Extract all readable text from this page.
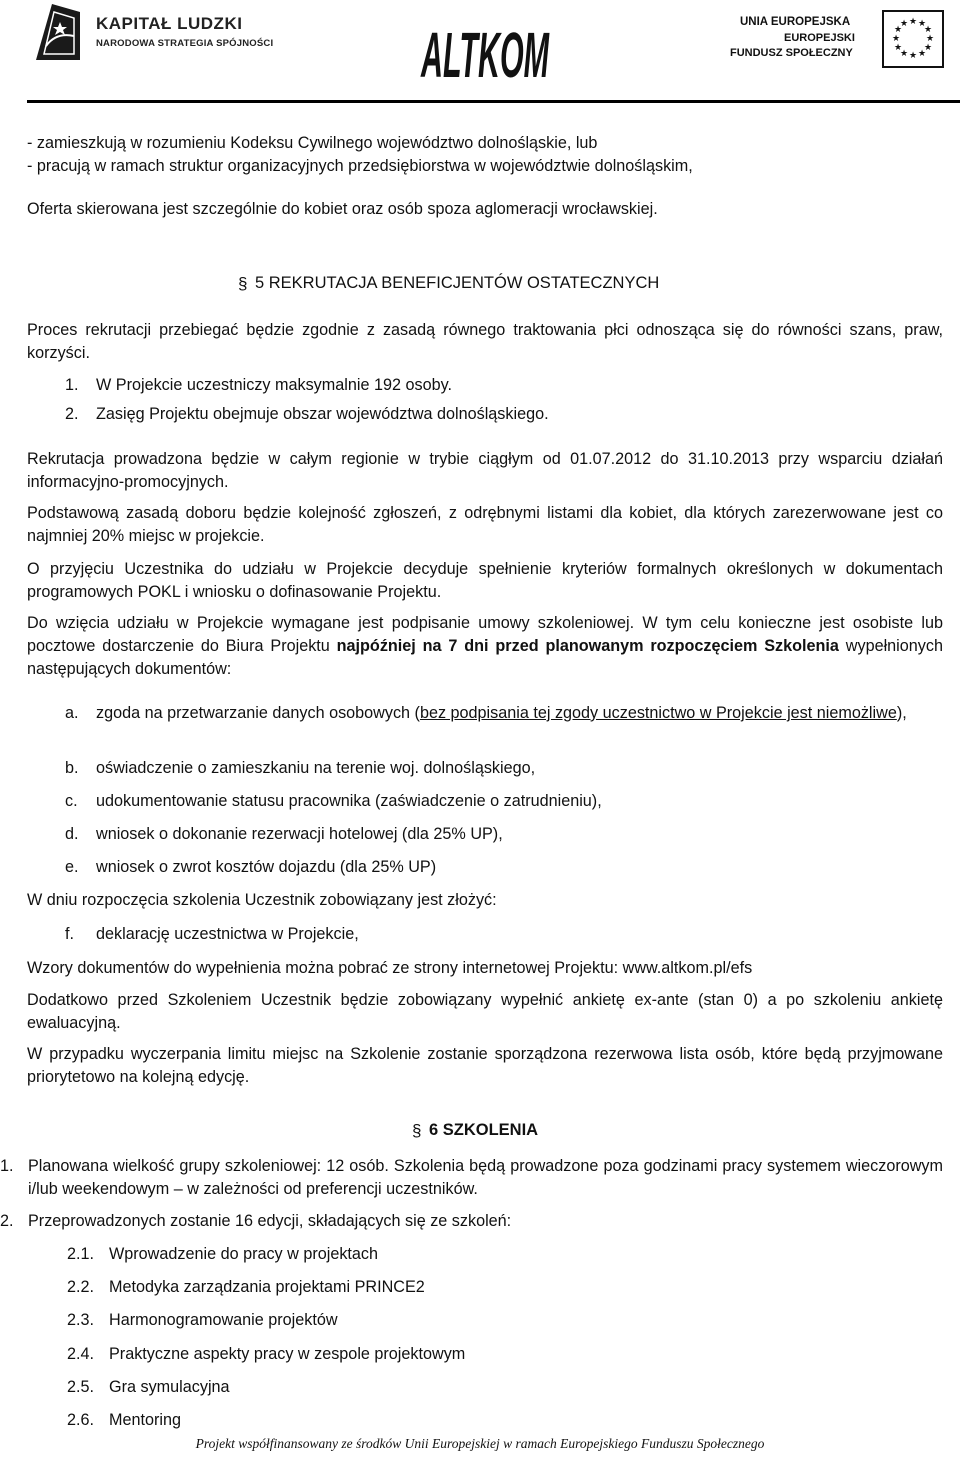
KAPITAŁ LUDZKI
NARODOWA STRATEGIA SPÓJNOŚCI ALTKOM	UNIA EUROPEJSKA
EUROPEJSKI
FUNDUSZ SPOŁECZNY
★ ★
★
★
★
★
★
★
★
★
★
★
- zamieszkują w rozumieniu Kodeksu Cywilnego województwo dolnośląskie, lub
- pracują w ramach struktur organizacyjnych przedsiębiorstwa w województwie dolnośląskim,
Oferta skierowana jest szczególnie do kobiet oraz osób spoza aglomeracji wrocławskiej.
§ 5 REKRUTACJA BENEFICJENTÓW OSTATECZNYCH
Proces rekrutacji przebiegać będzie zgodnie z zasadą równego traktowania płci odnosząca się do równości szans, praw, korzyści.
1.	W Projekcie uczestniczy maksymalnie 192 osoby.
2.	Zasięg Projektu obejmuje obszar województwa dolnośląskiego.
Rekrutacja prowadzona będzie w całym regionie w trybie ciągłym od 01.07.2012 do 31.10.2013 przy wsparciu działań informacyjno-promocyjnych.
Podstawową zasadą doboru będzie kolejność zgłoszeń, z odrębnymi listami dla kobiet, dla których zarezerwowane jest co najmniej 20% miejsc w projekcie.
O przyjęciu Uczestnika do udziału w Projekcie decyduje spełnienie kryteriów formalnych określonych w dokumentach programowych POKL i wniosku o dofinasowanie Projektu.
Do wzięcia udziału w Projekcie wymagane jest podpisanie umowy szkoleniowej. W tym celu konieczne jest osobiste lub pocztowe dostarczenie do Biura Projektu najpóźniej na 7 dni przed planowanym rozpoczęciem Szkolenia wypełnionych następujących dokumentów:
a.	zgoda na przetwarzanie danych osobowych (bez podpisania tej zgody uczestnictwo w Projekcie jest niemożliwe),
b.	oświadczenie o zamieszkaniu na terenie woj. dolnośląskiego,
c.	udokumentowanie statusu pracownika (zaświadczenie o zatrudnieniu),
d.	wniosek o dokonanie rezerwacji hotelowej (dla 25% UP),
e.	wniosek o zwrot kosztów dojazdu (dla 25% UP)
W dniu rozpoczęcia szkolenia Uczestnik zobowiązany jest złożyć:
f.	deklarację uczestnictwa w Projekcie,
Wzory dokumentów do wypełnienia można pobrać ze strony internetowej Projektu: www.altkom.pl/efs
Dodatkowo przed Szkoleniem Uczestnik będzie zobowiązany wypełnić ankietę ex-ante (stan 0) a po szkoleniu ankietę ewaluacyjną.
W przypadku wyczerpania limitu miejsc na Szkolenie zostanie sporządzona rezerwowa lista osób, które będą przyjmowane priorytetowo na kolejną edycję.
§ 6 SZKOLENIA
1. Planowana wielkość grupy szkoleniowej: 12 osób. Szkolenia będą prowadzone poza godzinami pracy systemem wieczorowym i/lub weekendowym – w zależności od preferencji uczestników.
2. Przeprowadzonych zostanie 16 edycji, składających się ze szkoleń:
2.1. Wprowadzenie do pracy w projektach
2.2. Metodyka zarządzania projektami PRINCE2
2.3. Harmonogramowanie projektów
2.4. Praktyczne aspekty pracy w zespole projektowym
2.5. Gra symulacyjna
2.6. Mentoring
Projekt współfinansowany ze środków Unii Europejskiej w ramach Europejskiego Funduszu Społecznego
